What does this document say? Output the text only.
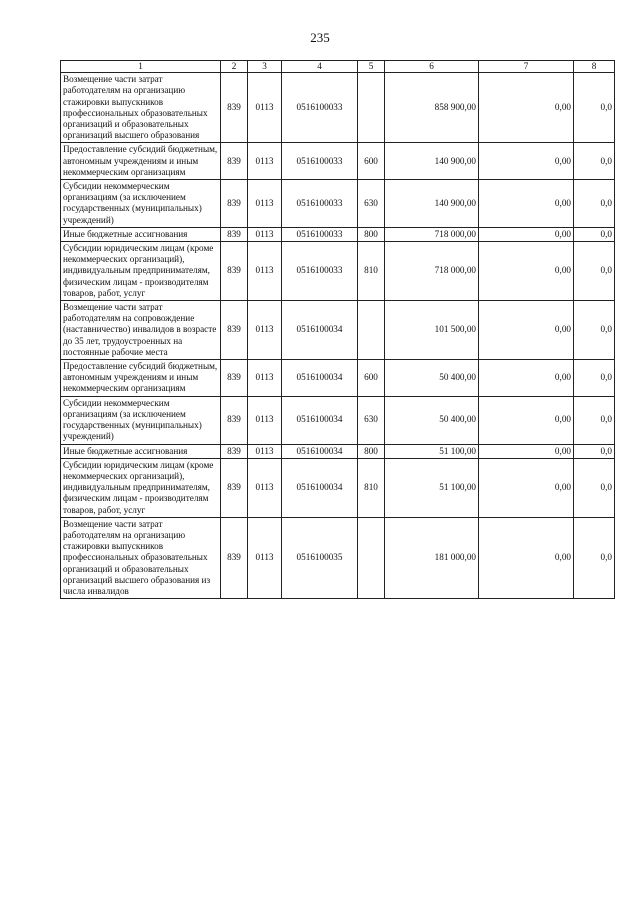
235
1	2	3	4	5	6	7	8
Возмещение части затрат работодателям на организацию стажировки выпускников профессиональных образовательных организаций и образовательных организаций высшего образования	839	0113	0516100033		858 900,00	0,00	0,0
Предоставление субсидий бюджетным, автономным учреждениям и иным некоммерческим организациям	839	0113	0516100033	600	140 900,00	0,00	0,0
Субсидии некоммерческим организациям (за исключением государственных (муниципальных) учреждений)	839	0113	0516100033	630	140 900,00	0,00	0,0
Иные бюджетные ассигнования	839	0113	0516100033	800	718 000,00	0,00	0,0
Субсидии юридическим лицам (кроме некоммерческих организаций), индивидуальным предпринимателям, физическим лицам - производителям товаров, работ, услуг	839	0113	0516100033	810	718 000,00	0,00	0,0
Возмещение части затрат работодателям на сопровождение (наставничество) инвалидов в возрасте до 35 лет, трудоустроенных на постоянные рабочие места	839	0113	0516100034		101 500,00	0,00	0,0
Предоставление субсидий бюджетным, автономным учреждениям и иным некоммерческим организациям	839	0113	0516100034	600	50 400,00	0,00	0,0
Субсидии некоммерческим организациям (за исключением государственных (муниципальных) учреждений)	839	0113	0516100034	630	50 400,00	0,00	0,0
Иные бюджетные ассигнования	839	0113	0516100034	800	51 100,00	0,00	0,0
Субсидии юридическим лицам (кроме некоммерческих организаций), индивидуальным предпринимателям, физическим лицам - производителям товаров, работ, услуг	839	0113	0516100034	810	51 100,00	0,00	0,0
Возмещение части затрат работодателям на организацию стажировки выпускников профессиональных образовательных организаций и образовательных организаций высшего образования из числа инвалидов	839	0113	0516100035		181 000,00	0,00	0,0
